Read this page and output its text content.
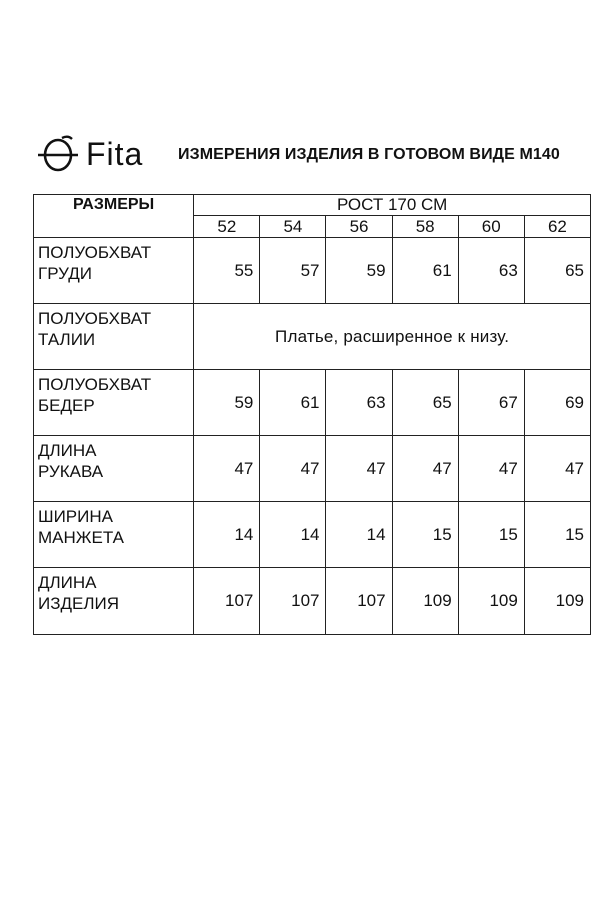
Fita ИЗМЕРЕНИЯ ИЗДЕЛИЯ В ГОТОВОМ ВИДЕ М140
РАЗМЕРЫ	РОСТ 170 СМ					
	52	54	56	58	60	62
ПОЛУОБХВАТ
ГРУДИ	55	57	59	61	63	65
ПОЛУОБХВАТ
ТАЛИИ	Платье, расширенное к низу.					
ПОЛУОБХВАТ
БЕДЕР	59	61	63	65	67	69
ДЛИНА
РУКАВА	47	47	47	47	47	47
ШИРИНА
МАНЖЕТА	14	14	14	15	15	15
ДЛИНА
ИЗДЕЛИЯ	107	107	107	109	109	109
